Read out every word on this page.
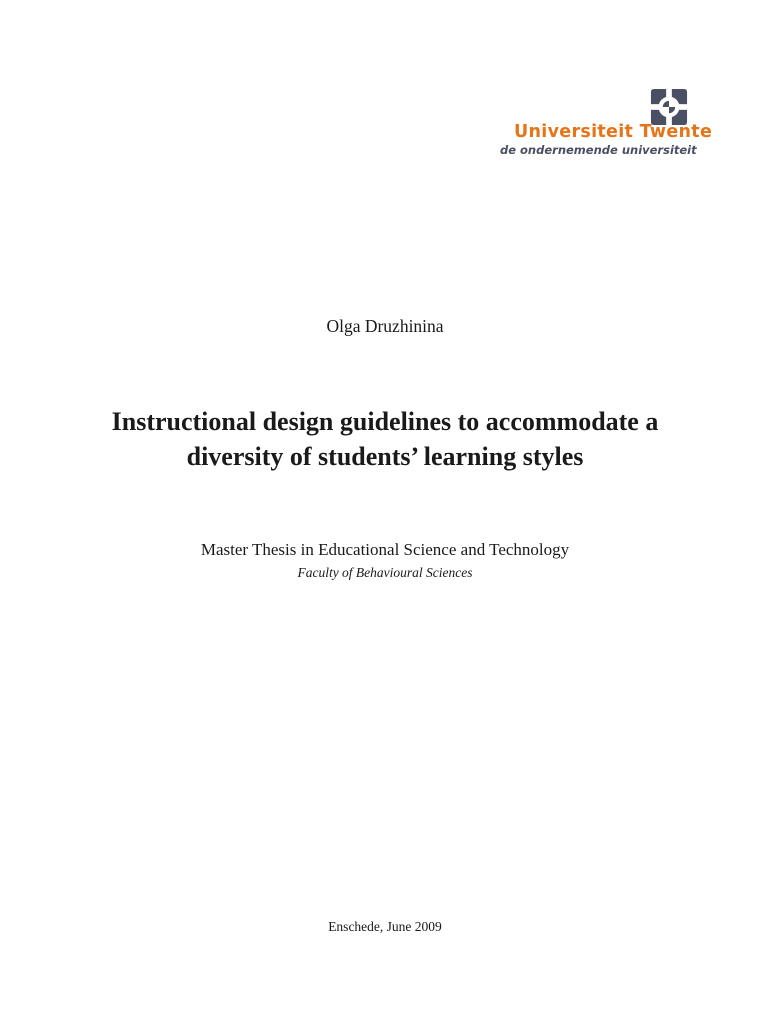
Universiteit Twente
de ondernemende universiteit
Olga Druzhinina
Instructional design guidelines to accommodate a
diversity of students’ learning styles
Master Thesis in Educational Science and Technology
Faculty of Behavioural Sciences
Enschede, June 2009
